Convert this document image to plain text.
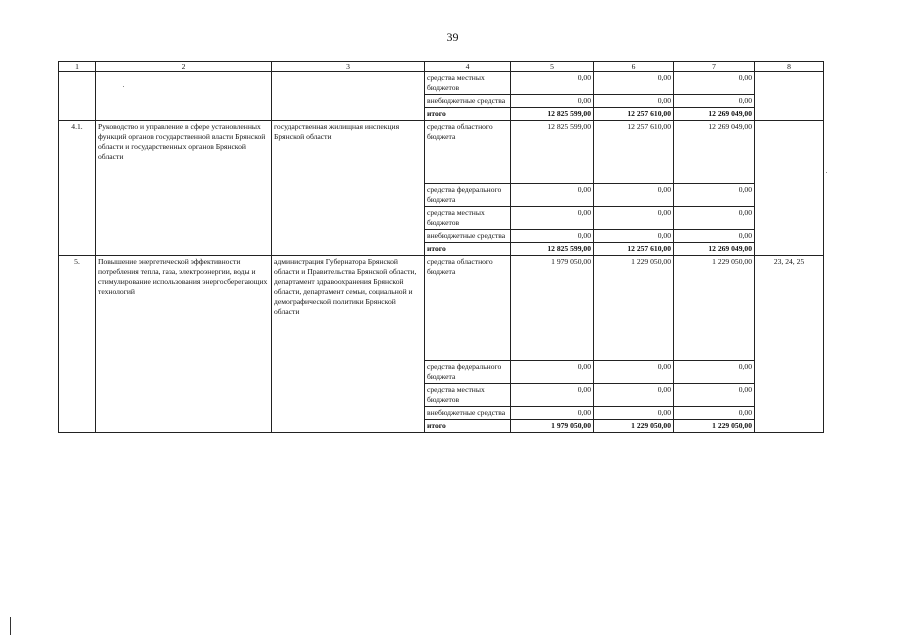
39
1	2	3	4	5	6	7	8
			средства местных бюджетов	0,00	0,00	0,00	
			внебюджетные средства	0,00	0,00	0,00	
			итого	12 825 599,00	12 257 610,00	12 269 049,00	
4.1.	Руководство и управление в сфере установленных функций органов государственной власти Брянской области и государственных органов Брянской области	государственная жилищная инспекция Брянской области	средства областного бюджета	12 825 599,00	12 257 610,00	12 269 049,00	
			средства федерального бюджета	0,00	0,00	0,00	
			средства местных бюджетов	0,00	0,00	0,00	
			внебюджетные средства	0,00	0,00	0,00	
			итого	12 825 599,00	12 257 610,00	12 269 049,00	
5.	Повышение энергетической эффективности потребления тепла, газа, электроэнергии, воды и стимулирование использования энергосберегающих технологий	администрация Губернатора Брянской области и Правительства Брянской области, департамент здравоохранения Брянской области, департамент семьи, социальной и демографической политики Брянской области	средства областного бюджета	1 979 050,00	1 229 050,00	1 229 050,00	23, 24, 25
			средства федерального бюджета	0,00	0,00	0,00	
			средства местных бюджетов	0,00	0,00	0,00	
			внебюджетные средства	0,00	0,00	0,00	
			итого	1 979 050,00	1 229 050,00	1 229 050,00	
